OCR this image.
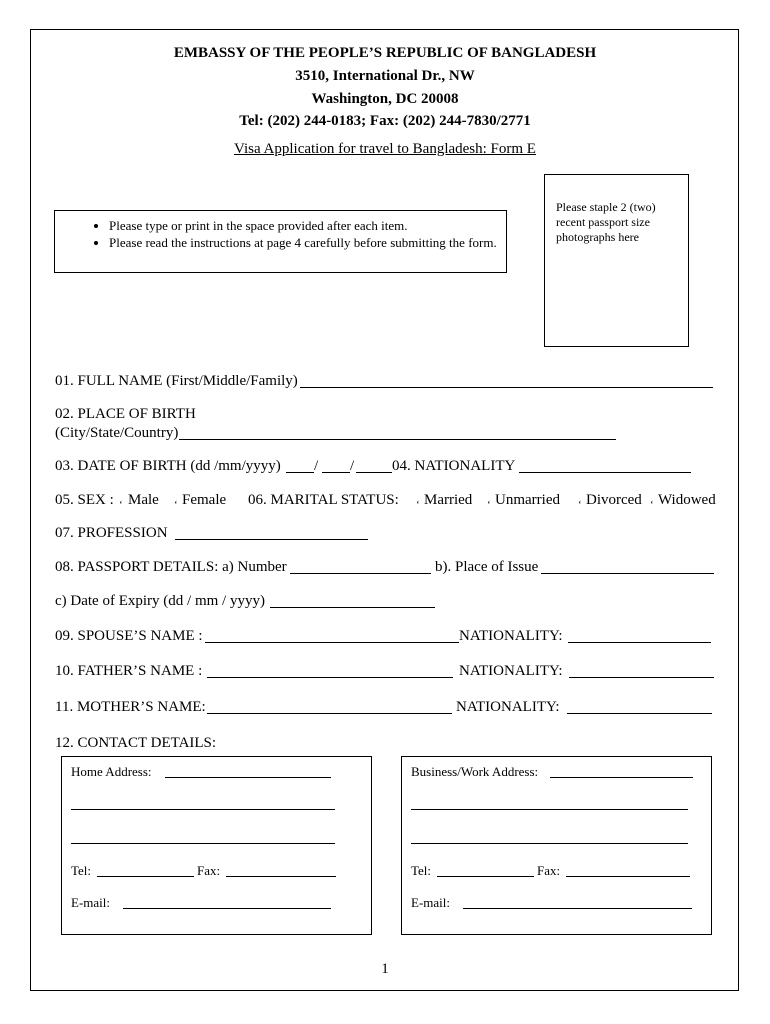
EMBASSY OF THE PEOPLE’S REPUBLIC OF BANGLADESH
3510, International Dr., NW
Washington, DC 20008
Tel: (202) 244-0183; Fax: (202) 244-7830/2771
Visa Application for travel to Bangladesh: Form E
• Please type or print in the space provided after each item.
• Please read the instructions at page 4 carefully before submitting the form.
Please staple 2 (two) recent passport size photographs here
01. FULL NAME (First/Middle/Family)
02. PLACE OF BIRTH
(City/State/Country)
03. DATE OF BIRTH (dd /mm/yyyy) / /	04. NATIONALITY
05. SEX : ‘ Male ‘ Female 06. MARITAL STATUS: ‘ Married ‘ Unmarried ‘ Divorced ‘ Widowed
07. PROFESSION
08. PASSPORT DETAILS: a) Number	b). Place of Issue
c) Date of Expiry (dd / mm / yyyy)
09. SPOUSE’S NAME :	NATIONALITY:
10. FATHER’S NAME :	NATIONALITY:
11. MOTHER’S NAME:	NATIONALITY:
12. CONTACT DETAILS:
Home Address:
Tel:	Fax:
E-mail:
Business/Work Address:
Tel:	Fax:
E-mail:
1
